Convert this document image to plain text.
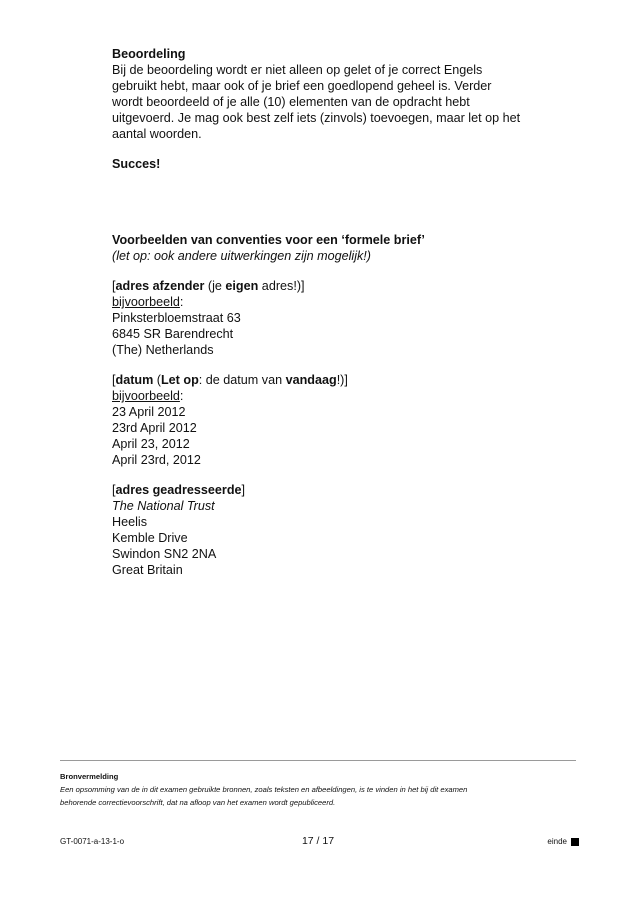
Beoordeling
Bij de beoordeling wordt er niet alleen op gelet of je correct Engels
gebruikt hebt, maar ook of je brief een goedlopend geheel is. Verder
wordt beoordeeld of je alle (10) elementen van de opdracht hebt
uitgevoerd. Je mag ook best zelf iets (zinvols) toevoegen, maar let op het
aantal woorden.
Succes!
Voorbeelden van conventies voor een ‘formele brief’
(let op: ook andere uitwerkingen zijn mogelijk!)
[adres afzender (je eigen adres!)]
bijvoorbeeld:
Pinksterbloemstraat 63
6845 SR Barendrecht
(The) Netherlands
[datum (Let op: de datum van vandaag!)]
bijvoorbeeld:
23 April 2012
23rd April 2012
April 23, 2012
April 23rd, 2012
[adres geadresseerde]
The National Trust
Heelis
Kemble Drive
Swindon SN2 2NA
Great Britain
Bronvermelding
Een opsomming van de in dit examen gebruikte bronnen, zoals teksten en afbeeldingen, is te vinden in het bij dit examen
behorende correctievoorschrift, dat na afloop van het examen wordt gepubliceerd.
GT-0071-a-13-1-o	17 / 17	einde
